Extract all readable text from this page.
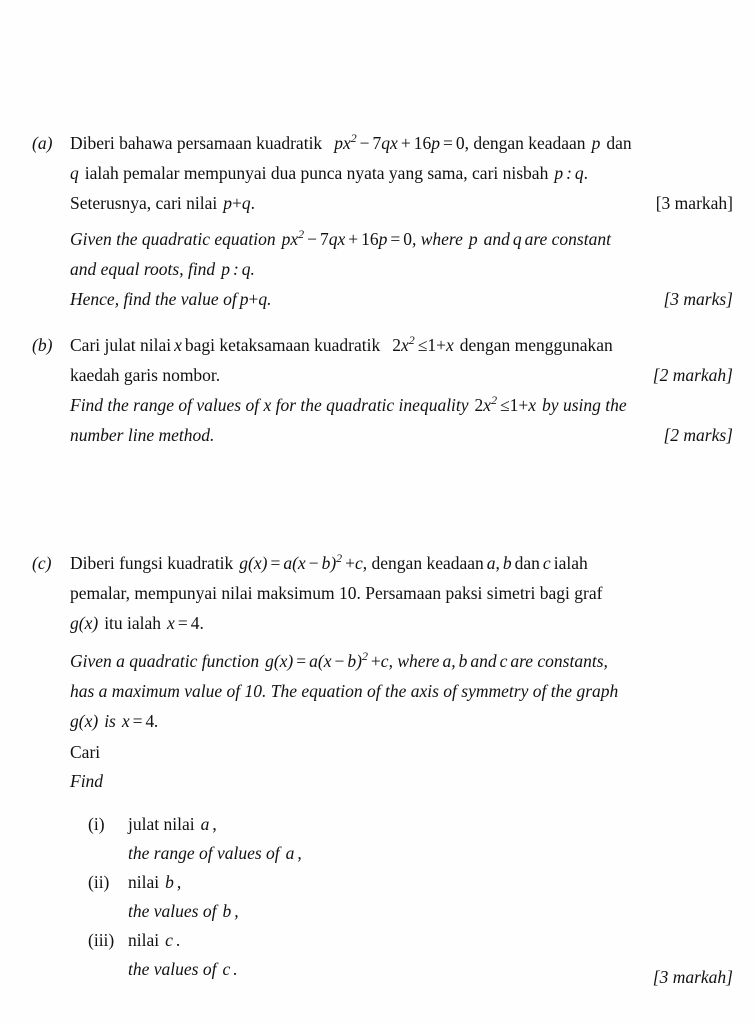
(a)	Diberi bahawa persamaan kuadratik $px^2 - 7qx + 16p = 0$, dengan keadaan p dan
q ialah pemalar mempunyai dua punca nyata yang sama, cari nisbah p : q.
Seterusnya, cari nilai p+q.	[3 markah]
Given the quadratic equation $px^2 - 7qx + 16p = 0$, where p and q are constant
and equal roots, find p : q.
Hence, find the value of p+q.	[3 marks]
(b)	Cari julat nilai x bagi ketaksamaan kuadratik $2x^2 \le 1+x$ dengan menggunakan
kaedah garis nombor.	[2 markah]
Find the range of values of x for the quadratic inequality $2x^2 \le 1+x$ by using the
number line method.	[2 marks]
(c)	Diberi fungsi kuadratik $g(x) = a(x - b)^2 +c$, dengan keadaan a, b dan c ialah
pemalar, mempunyai nilai maksimum 10. Persamaan paksi simetri bagi graf
g(x) itu ialah x = 4.
Given a quadratic function $g(x) = a(x - b)^2 +c$, where a, b and c are constants,
has a maximum value of 10. The equation of the axis of symmetry of the graph
g(x) is x = 4.
Cari
Find
(i)	julat nilai a ,
the range of values of a ,
(ii)	nilai b ,
the values of b ,
(iii) nilai c .
the values of c .	[3 markah]
